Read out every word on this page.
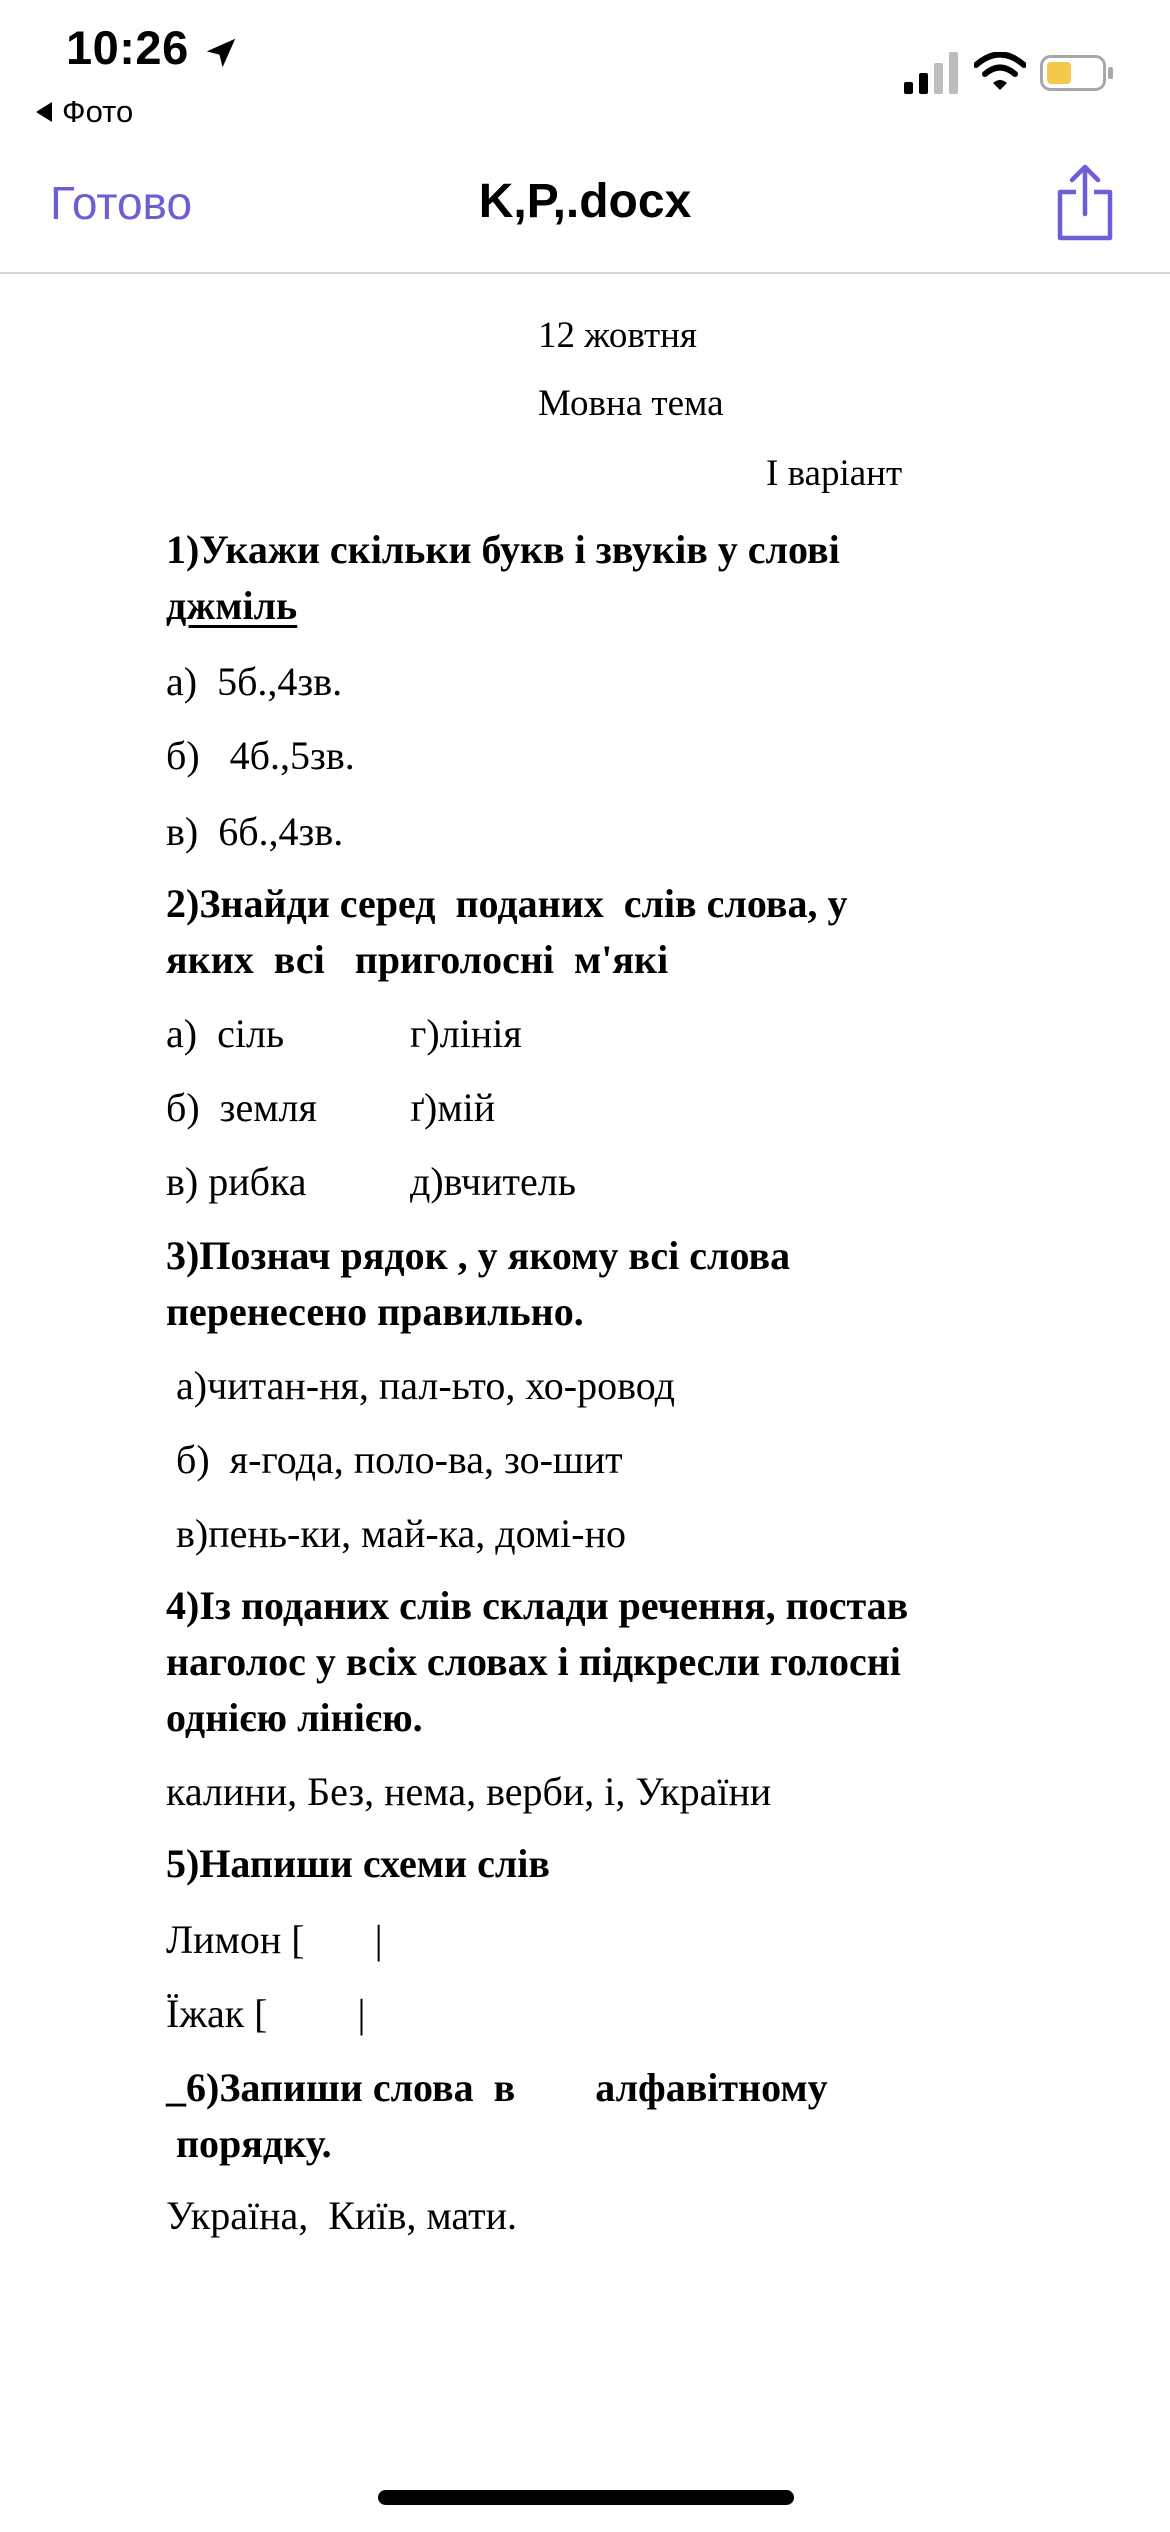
10:26
Фото
Готово	K,P,.docx
12 жовтня
Мовна тема
І варіант
1)Укажи скільки букв і звуків у слові
джміль
а)  5б.,4зв.
б)   4б.,5зв.
в)  6б.,4зв.
2)Знайди серед  поданих  слів слова, у
яких  всі   приголосні  м'які
а)  сіль	г)лінія
б)  земля ґ)мій
в) рибка	д)вчитель
3)Познач рядок , у якому всі слова
перенесено правильно.
а)читан-ня, пал-ьто, хо-ровод
б)  я-года, поло-ва, зо-шит
в)пень-ки, май-ка, домі-но
4)Із поданих слів склади речення, постав
наголос у всіх словах і підкресли голосні
однією лінією.
калини, Без, нема, верби, і, України
5)Напиши схеми слів
Лимон [       |
Їжак [         |
_6)Запиши слова  в        алфавітному
порядку.
Україна,  Київ, мати.
